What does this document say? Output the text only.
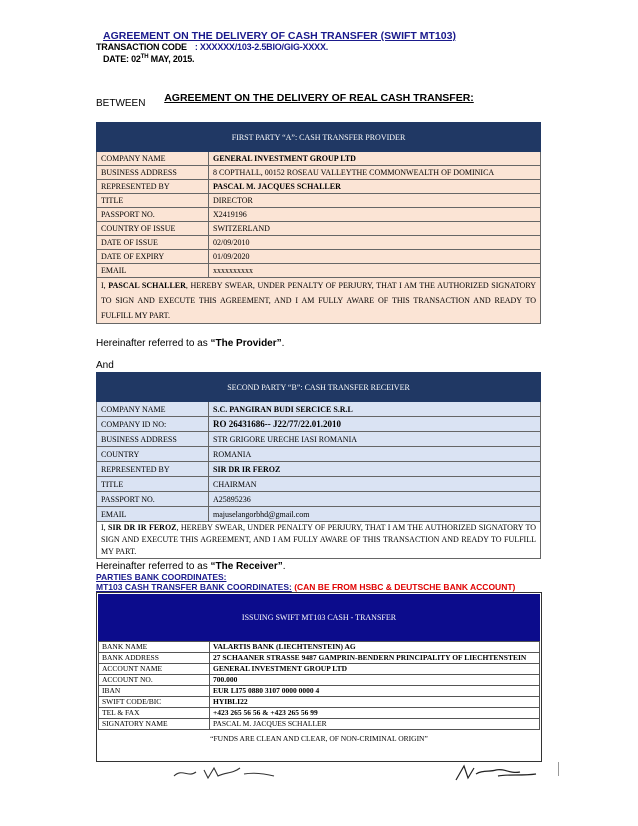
AGREEMENT ON THE DELIVERY OF CASH TRANSFER (SWIFT MT103)
TRANSACTION CODE : XXXXXX/103-2.5BIO/GIG-XXXX.
DATE: 02TH MAY, 2015.
AGREEMENT ON THE DELIVERY OF REAL CASH TRANSFER:
BETWEEN
FIRST PARTY “A”: CASH TRANSFER PROVIDER	
COMPANY NAME	GENERAL INVESTMENT GROUP LTD
BUSINESS ADDRESS	8 COPTHALL, 00152 ROSEAU VALLEYTHE COMMONWEALTH OF DOMINICA
REPRESENTED BY	PASCAL M. JACQUES SCHALLER
TITLE	DIRECTOR
PASSPORT NO.	X2419196
COUNTRY OF ISSUE	SWITZERLAND
DATE OF ISSUE	02/09/2010
DATE OF EXPIRY	01/09/2020
EMAIL	xxxxxxxxxx
I, PASCAL SCHALLER, HEREBY SWEAR, UNDER PENALTY OF PERJURY, THAT I AM THE AUTHORIZED SIGNATORY TO SIGN AND EXECUTE THIS AGREEMENT, AND I AM FULLY AWARE OF THIS TRANSACTION AND READY TO FULFILL MY PART.	
Hereinafter referred to as “The Provider”.
And
SECOND PARTY “B”: CASH TRANSFER RECEIVER	
COMPANY NAME	S.C. PANGIRAN BUDI SERCICE S.R.L
COMPANY ID NO:	RO 26431686-- J22/77/22.01.2010
BUSINESS ADDRESS	STR GRIGORE URECHE IASI ROMANIA
COUNTRY	ROMANIA
REPRESENTED BY	SIR DR IR FEROZ
TITLE	CHAIRMAN
PASSPORT NO.	A25895236
EMAIL	majuselangorbhd@gmail.com
I, SIR DR IR FEROZ, HEREBY SWEAR, UNDER PENALTY OF PERJURY, THAT I AM THE AUTHORIZED SIGNATORY TO SIGN AND EXECUTE THIS AGREEMENT, AND I AM FULLY AWARE OF THIS TRANSACTION AND READY TO FULFILL MY PART.	
Hereinafter referred to as “The Receiver”.
PARTIES BANK COORDINATES:
MT103 CASH TRANSFER BANK COORDINATES: (CAN BE FROM HSBC & DEUTSCHE BANK ACCOUNT)
ISSUING SWIFT MT103 CASH - TRANSFER
BANK NAME	VALARTIS BANK (LIECHTENSTEIN) AG
BANK ADDRESS	27 SCHAANER STRASSE 9487 GAMPRIN-BENDERN PRINCIPALITY OF LIECHTENSTEIN
ACCOUNT NAME	GENERAL INVESTMENT GROUP LTD
ACCOUNT NO.	700.000
IBAN	EUR LI75 0880 3107 0000 0000 4
SWIFT CODE/BIC	HYIBLI22
TEL & FAX	+423 265 56 56 & +423 265 56 99
SIGNATORY NAME	PASCAL M. JACQUES SCHALLER
“FUNDS ARE CLEAN AND CLEAR, OF NON-CRIMINAL ORIGIN”
